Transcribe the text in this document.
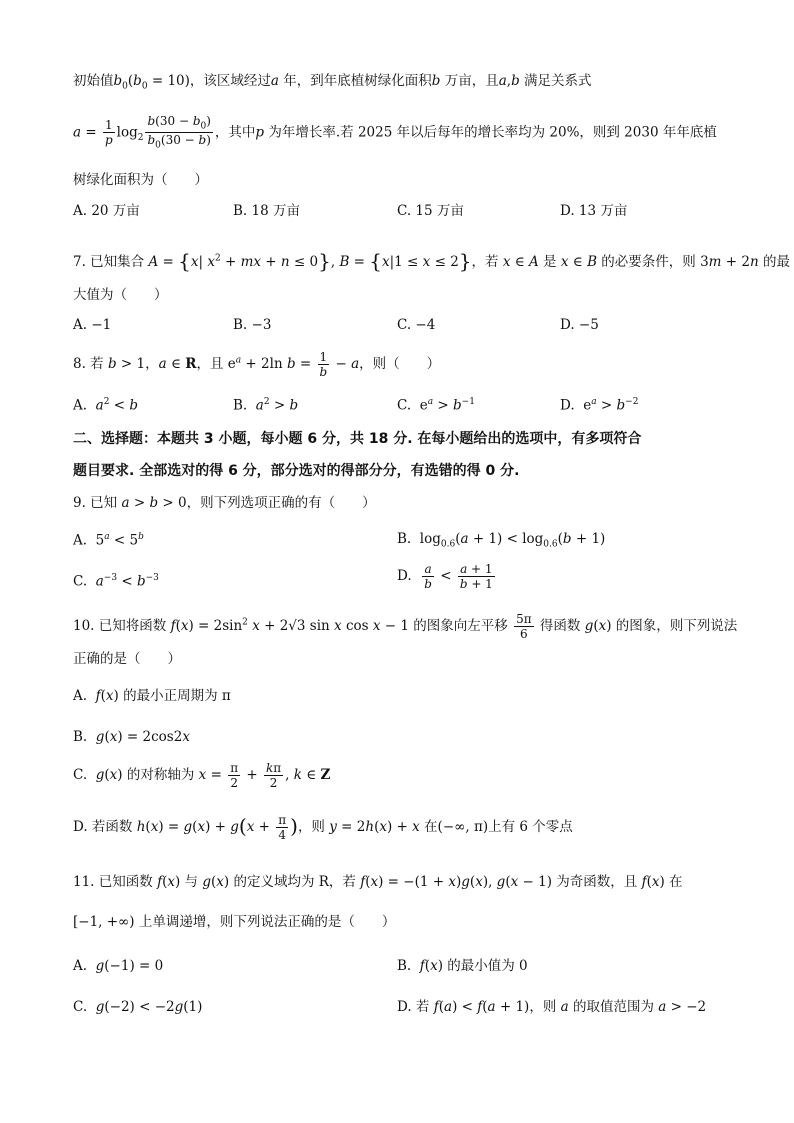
初始值$b_0(b_0 = 10)$，该区域经过a 年，到年底植树绿化面积b 万亩，且a,b 满足关系式
$a = \frac{1}{p} \log_2 \frac{b(30 - b_0)}{b_0(30 - b)}$ ，其中p 为年增长率.若 2025 年以后每年的增长率均为 20%，则到 2030 年年底植
树绿化面积为（　　）
A. 20 万亩	B. 18 万亩	C. 15 万亩	D. 13 万亩
7. 已知集合 A = {x| $x^2$ + mx + n ≤ 0}, B = {x|1 ≤ x ≤ 2}，若 x ∈ A 是 x ∈ B 的必要条件，则 3m + 2n 的最
大值为（　　）
A. −1	B. −3	C. −4	D. −5
8. 若 b > 1，a ∈ R，且 $e^a + 2\ln$ $b = \frac{1}{b} - a$，则（　　）
A.  $a^2 < b$	B.  $a^2 > b$	C.  $e^a > b^{-1}$	D.  $e^a > b^{-2}$
二、选择题：本题共 3 小题，每小题 6 分，共 18 分. 在每小题给出的选项中，有多项符合
题目要求. 全部选对的得 6 分，部分选对的得部分分，有选错的得 0 分.
9. 已知 a > b > 0，则下列选项正确的有（　　）
A.  $5^a < 5^b$	B.  $\log_{0.6}(a + 1) < \log_{0.6}(b + 1)$
C.  $a^{-3} < b^{-3}$	D. $\frac{a}{b} < \frac{a + 1}{b + 1}$
10. 已知将函数 $f(x) = 2\sin^2$ x + 2√3 sin x cos x − 1 的图象向左平移 $\frac{5\pi}{6}$ 得函数 g(x) 的图象，则下列说法
正确的是（　　）
A.  f(x) 的最小正周期为 π
B.  g(x) = 2cos2x
C.  g(x) 的对称轴为 $x = \frac{\pi}{2} + \frac{k\pi}{2}$ , k ∈ Z
D. 若函数 $h(x) = g(x) + g(x + \frac{\pi}{4}$ )，则 y = 2h(x) + x 在(−∞, π)上有 6 个零点
11. 已知函数 f(x) 与 g(x) 的定义域均为 R，若 f(x) = −(1 + x)g(x), g(x − 1) 为奇函数，且 f(x) 在
[−1, +∞) 上单调递增，则下列说法正确的是（　　）
A.  g(−1) = 0	B.  f(x) 的最小值为 0
C.  g(−2) < −2g(1)	D. 若 f(a) < f(a + 1)，则 a 的取值范围为 a > −2
